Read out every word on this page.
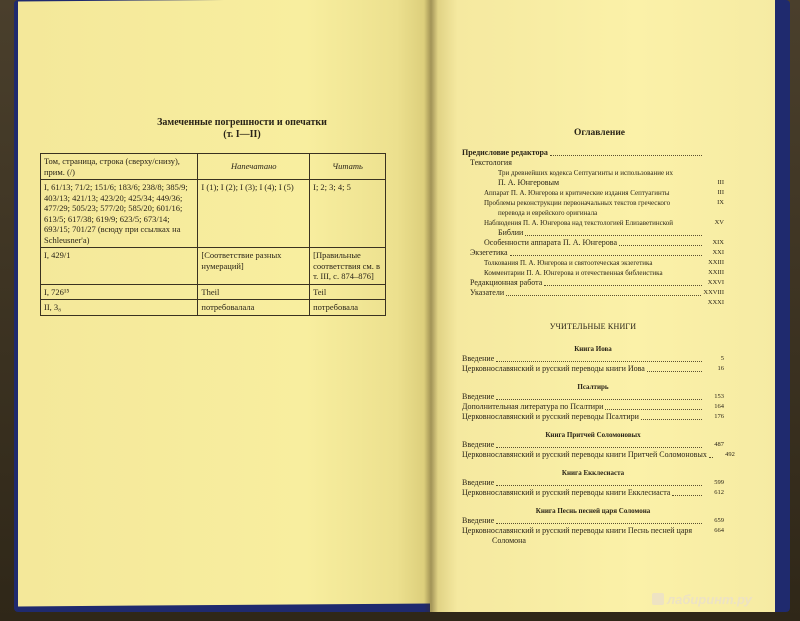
Замеченные погрешности и опечатки
(т. I—II)
Том, страница, строка (сверху/снизу), прим. (/)	Напечатано	Читать
I, 61/13; 71/2; 151/6; 183/6; 238/8; 385/9; 403/13; 421/13; 423/20; 425/34; 449/36; 477/29; 505/23; 577/20; 585/20; 601/16; 613/5; 617/38; 619/9; 623/5; 673/14; 693/15; 701/27 (всюду при ссылках на Schleusner'a)	I (1); I (2); I (3); I (4); I (5)	I; 2; 3; 4; 5
I, 429/1	[Соответствие разных нумераций]	[Правильные соответствия см. в т. III, с. 874–876]
I, 726¹⁵	Theil	Teil
II, 3₈	потребовалала	потребовала
Оглавление
Предисловие редактора
Текстология
Три древнейших кодекса Септуагинты и использование их
П. А. Юнгеровым	III
Аппарат П. А. Юнгерова и критические издания Септуагинты	III
Проблемы реконструкции первоначальных текстов греческого	IX
перевода и еврейского оригинала
Наблюдения П. А. Юнгерова над текстологией Елизаветинской	XV
Библии
Особенности аппарата П. А. Юнгерова	XIX
Экзегетика	XXI
Толкования П. А. Юнгерова и святоотеческая экзегетика	XXIII
Комментарии П. А. Юнгерова и отечественная библеистика	XXIII
Редакционная работа	XXVI
Указатели	XXVIII
XXXI
УЧИТЕЛЬНЫЕ КНИГИ
Книга Иова
Введение	5
Церковнославянский и русский переводы книги Иова	16
Псалтирь
Введение	153
Дополнительная литература по Псалтири	164
Церковнославянский и русский переводы Псалтири	176
Книга Притчей Соломоновых
Введение	487
Церковнославянский и русский переводы книги Притчей Соломоновых	492
Книга Екклесиаста
Введение	599
Церковнославянский и русский переводы книги Екклесиаста	612
Книга Песнь песней царя Соломона
Введение	659
Церковнославянский и русский переводы книги Песнь песней царя	664
Соломона
лабиринт.ру
